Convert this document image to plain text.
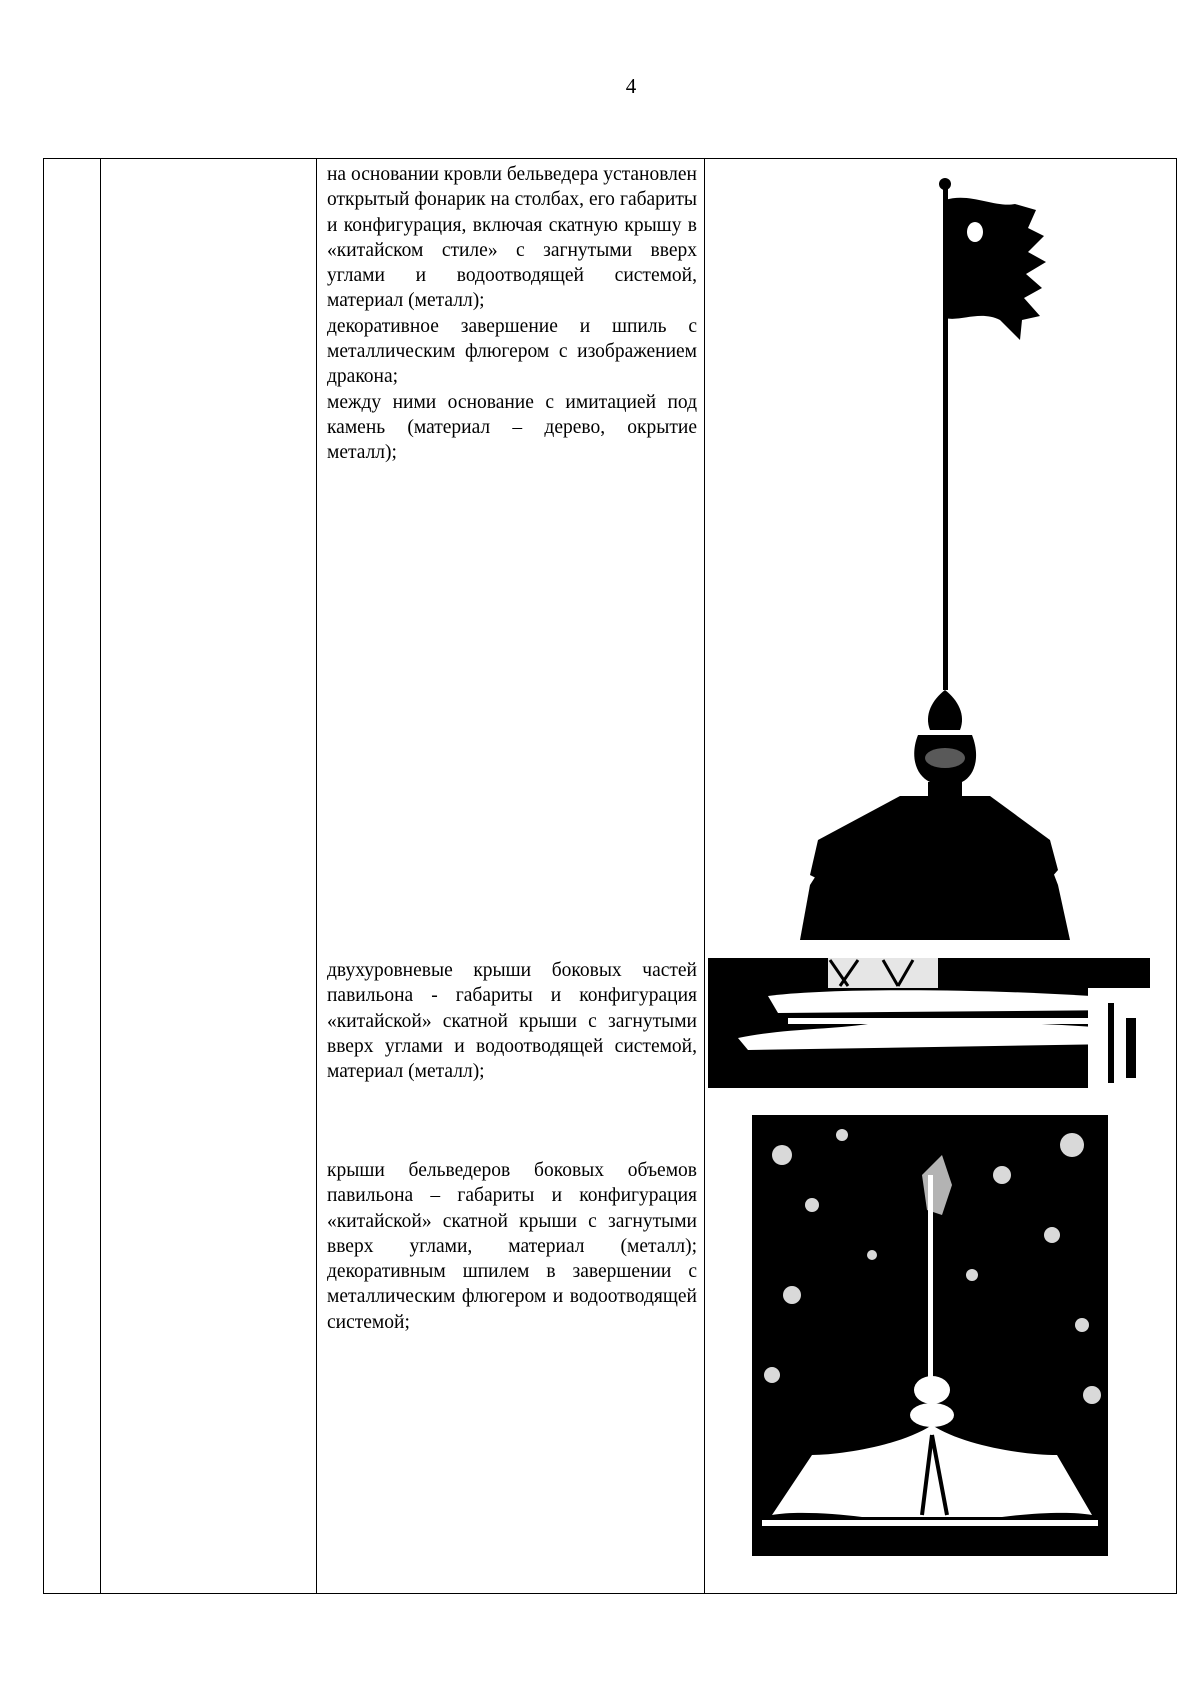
4
на основании кровли бельведера установлен открытый фонарик на столбах, его габариты и конфигурация, включая скатную крышу в «китайском стиле» с загнутыми вверх углами и водоотводящей системой, материал (металл);
декоративное завершение и шпиль с металлическим флюгером с изображением дракона;
между ними основание с имитацией под камень (материал – дерево, окрытие металл);
двухуровневые крыши боковых частей павильона - габариты и конфигурация «китайской» скатной крыши с загнутыми вверх углами и водоотводящей системой, материал (металл);
крыши бельведеров боковых объемов павильона – габариты и конфигурация «китайской» скатной крыши с загнутыми вверх углами, материал (металл); декоративным шпилем в завершении с металлическим флюгером и водоотводящей системой;
